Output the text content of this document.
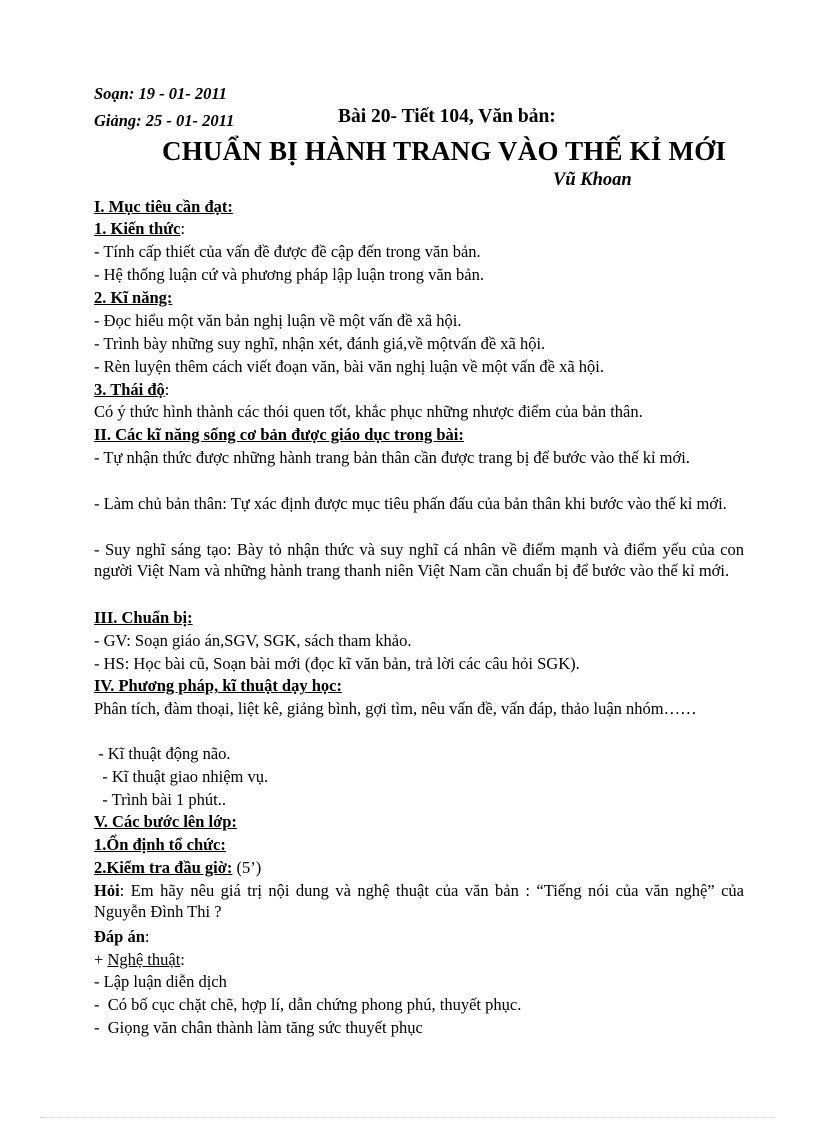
Soạn: 19 - 01- 2011
Giảng: 25 - 01- 2011	Bài 20- Tiết 104, Văn bản:
CHUẨN BỊ HÀNH TRANG VÀO THẾ KỈ MỚI
Vũ Khoan
I. Mục tiêu cần đạt:
1. Kiến thức:
- Tính cấp thiết của vấn đề được đề cập đến trong văn bản.
- Hệ thống luận cứ và phương pháp lập luận trong văn bản.
2. Kĩ năng:
- Đọc hiểu một văn bản nghị luận về một vấn đề xã hội.
- Trình bày những suy nghĩ, nhận xét, đánh giá,về mộtvấn đề xã hội.
- Rèn luyện thêm cách viết đoạn văn, bài văn nghị luận về một vấn đề xã hội.
3. Thái độ:
Có ý thức hình thành các thói quen tốt, khắc phục những nhược điểm của bản thân.
II. Các kĩ năng sống cơ bản được giáo dục trong bài:
- Tự nhận thức được những hành trang bản thân cần được trang bị để bước vào thế kỉ mới.
- Làm chủ bản thân: Tự xác định được mục tiêu phấn đấu của bản thân khi bước vào thế kỉ mới.
- Suy nghĩ sáng tạo: Bày tỏ nhận thức và suy nghĩ cá nhân về điểm mạnh và điểm yếu của con người Việt Nam và những hành trang thanh niên Việt Nam cần chuẩn bị để bước vào thế kỉ mới.
III. Chuẩn bị:
- GV: Soạn giáo án,SGV, SGK, sách tham khảo.
- HS: Học bài cũ, Soạn bài mới (đọc kĩ văn bản, trả lời các câu hỏi SGK).
IV. Phương pháp, kĩ thuật dạy học:
Phân tích, đàm thoại, liệt kê, giảng bình, gợi tìm, nêu vấn đề, vấn đáp, thảo luận nhóm……
- Kĩ thuật động não.
- Kĩ thuật giao nhiệm vụ.
- Trình bài 1 phút..
V. Các bước lên lớp:
1.Ổn định tổ chức:
2.Kiểm tra đầu giờ: (5’)
Hỏi: Em hãy nêu giá trị nội dung và nghệ thuật của văn bản : “Tiếng nói của văn nghệ” của Nguyễn Đình Thi ?
Đáp án:
+ Nghệ thuật:
- Lập luận diễn dịch
-  Có bố cục chặt chẽ, hợp lí, dẫn chứng phong phú, thuyết phục.
-  Giọng văn chân thành làm tăng sức thuyết phục
